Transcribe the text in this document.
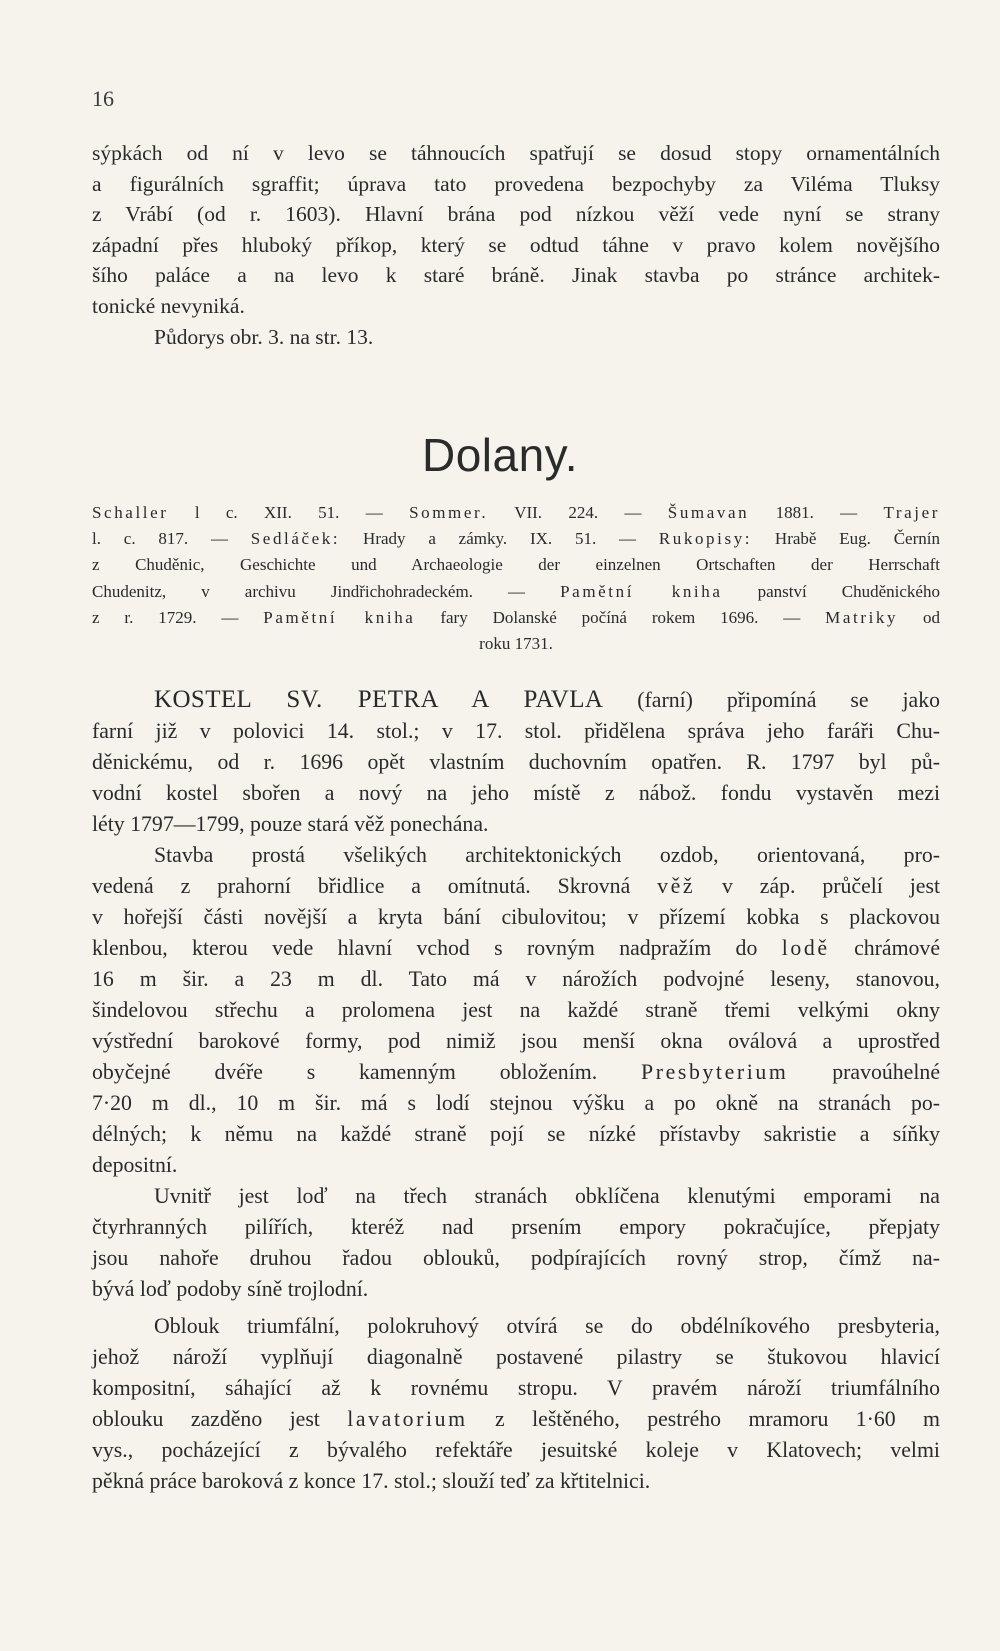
16
sýpkách od ní v levo se táhnoucích spatřují se dosud stopy ornamentálních
a figurálních sgraffit; úprava tato provedena bezpochyby za Viléma Tluksy
z Vrábí (od r. 1603). Hlavní brána pod nízkou věží vede nyní se strany
západní přes hluboký příkop, který se odtud táhne v pravo kolem novějšího
šího paláce a na levo k staré bráně. Jinak stavba po stránce architek-
tonické nevyniká.
Půdorys obr. 3. na str. 13.
Dolany.
Schaller l c. XII. 51. — Sommer. VII. 224. — Šumavan 1881. — Trajer
l. c. 817. — Sedláček: Hrady a zámky. IX. 51. — Rukopisy: Hrabě Eug. Černín
z Chuděnic, Geschichte und Archaeologie der einzelnen Ortschaften der Herrschaft
Chudenitz, v archivu Jindřichohradeckém. — Pamětní kniha panství Chuděnického
z r. 1729. — Pamětní kniha fary Dolanské počíná rokem 1696. — Matriky od
roku 1731.
KOSTEL SV. PETRA A PAVLA (farní) připomíná se jako
farní již v polovici 14. stol.; v 17. stol. přidělena správa jeho faráři Chu-
děnickému, od r. 1696 opět vlastním duchovním opatřen. R. 1797 byl pů-
vodní kostel sbořen a nový na jeho místě z nábož. fondu vystavěn mezi
léty 1797—1799, pouze stará věž ponechána.
Stavba prostá všelikých architektonických ozdob, orientovaná, pro-
vedená z prahorní břidlice a omítnutá. Skrovná věž v záp. průčelí jest
v hořejší části novější a kryta bání cibulovitou; v přízemí kobka s plackovou
klenbou, kterou vede hlavní vchod s rovným nadpražím do lodě chrámové
16 m šir. a 23 m dl. Tato má v nárožích podvojné leseny, stanovou,
šindelovou střechu a prolomena jest na každé straně třemi velkými okny
výstřední barokové formy, pod nimiž jsou menší okna oválová a uprostřed
obyčejné dvéře s kamenným obložením. Presbyterium pravoúhelné
7·20 m dl., 10 m šir. má s lodí stejnou výšku a po okně na stranách po-
délných; k němu na každé straně pojí se nízké přístavby sakristie a síňky
depositní.
Uvnitř jest loď na třech stranách obklíčena klenutými emporami na
čtyrhranných pilířích, kteréž nad prsením empory pokračujíce, přepjaty
jsou nahoře druhou řadou oblouků, podpírajících rovný strop, čímž na-
bývá loď podoby síně trojlodní.
Oblouk triumfální, polokruhový otvírá se do obdélníkového presbyteria,
jehož nároží vyplňují diagonalně postavené pilastry se štukovou hlavicí
kompositní, sáhající až k rovnému stropu. V pravém nároží triumfálního
oblouku zazděno jest lavatorium z leštěného, pestrého mramoru 1·60 m
vys., pocházející z bývalého refektáře jesuitské koleje v Klatovech; velmi
pěkná práce baroková z konce 17. stol.; slouží teď za křtitelnici.
